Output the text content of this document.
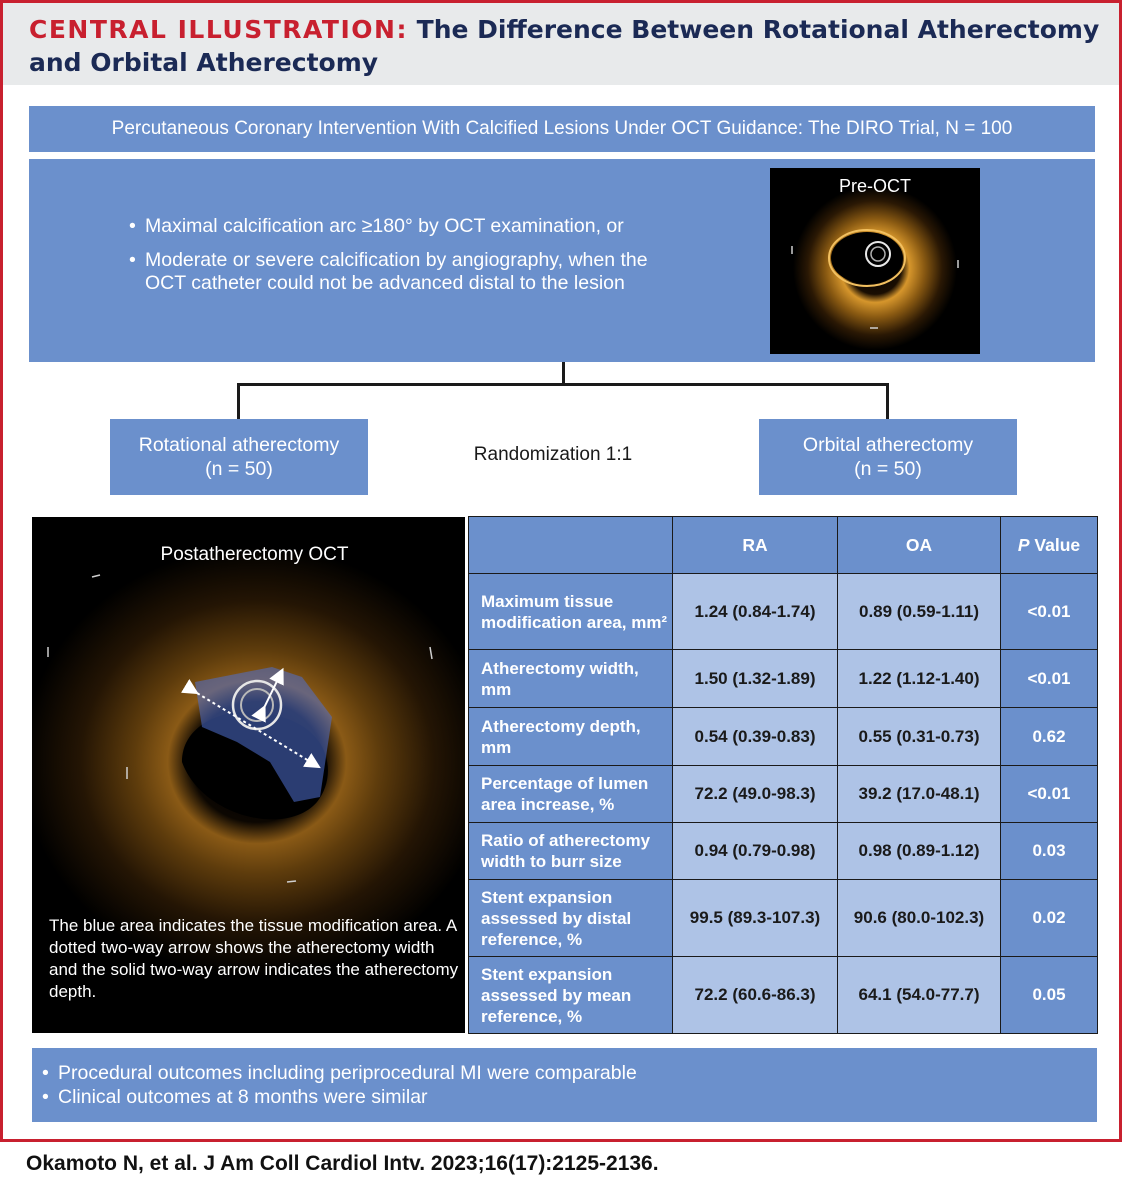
CENTRAL ILLUSTRATION: The Difference Between Rotational Atherectomy
and Orbital Atherectomy
Percutaneous Coronary Intervention With Calcified Lesions Under OCT Guidance: The DIRO Trial, N = 100
• Maximal calcification arc ≥180° by OCT examination, or
• Moderate or severe calcification by angiography, when the OCT catheter could not be advanced distal to the lesion
Pre-OCT
Rotational atherectomy
(n = 50)
Randomization 1:1	Orbital atherectomy
(n = 50)
Postatherectomy OCT
The blue area indicates the tissue modification area. A dotted two-way arrow shows the atherectomy width and the solid two-way arrow indicates the atherectomy depth.
	RA	OA	P Value
Maximum tissue modification area, mm²	1.24 (0.84-1.74)	0.89 (0.59-1.11)	<0.01
Atherectomy width, mm	1.50 (1.32-1.89)	1.22 (1.12-1.40)	<0.01
Atherectomy depth, mm	0.54 (0.39-0.83)	0.55 (0.31-0.73)	0.62
Percentage of lumen area increase, %	72.2 (49.0-98.3)	39.2 (17.0-48.1)	<0.01
Ratio of atherectomy width to burr size	0.94 (0.79-0.98)	0.98 (0.89-1.12)	0.03
Stent expansion assessed by distal reference, %	99.5 (89.3-107.3)	90.6 (80.0-102.3)	0.02
Stent expansion assessed by mean reference, %	72.2 (60.6-86.3)	64.1 (54.0-77.7)	0.05
• Procedural outcomes including periprocedural MI were comparable
• Clinical outcomes at 8 months were similar
Okamoto N, et al. J Am Coll Cardiol Intv. 2023;16(17):2125-2136.
